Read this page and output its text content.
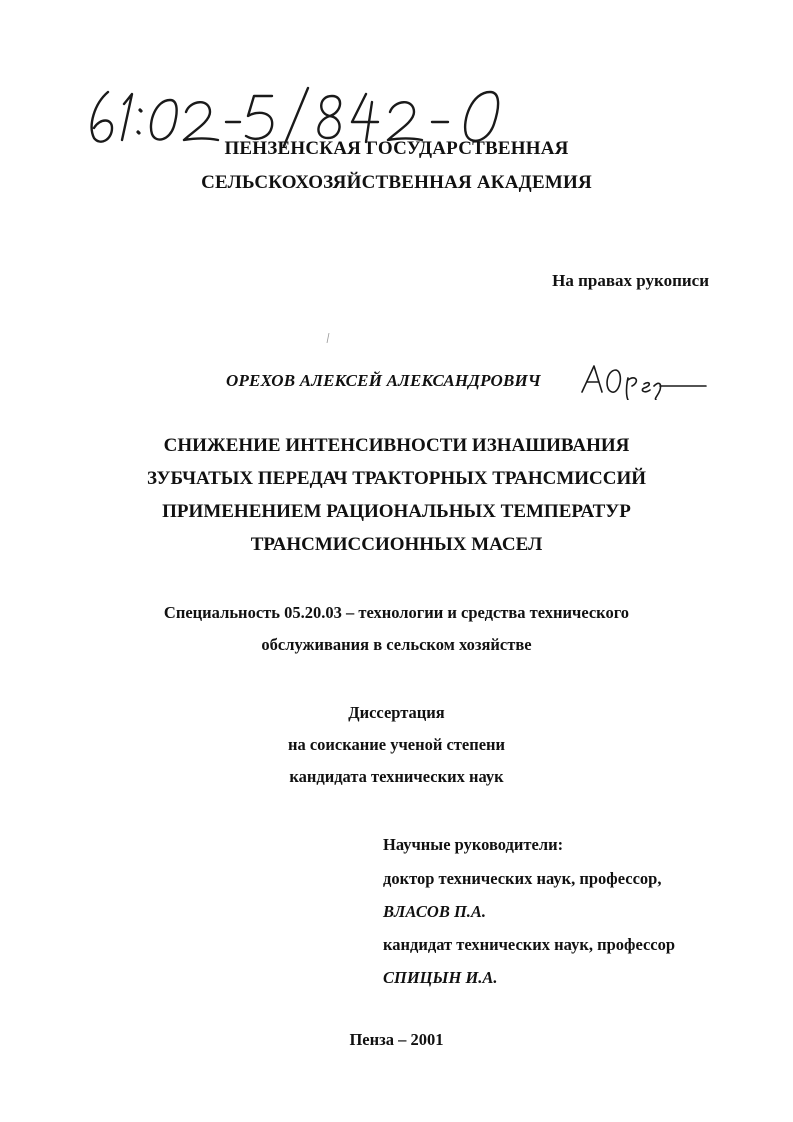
ПЕНЗЕНСКАЯ ГОСУДАРСТВЕННАЯ
СЕЛЬСКОХОЗЯЙСТВЕННАЯ АКАДЕМИЯ
На правах рукописи
ОРЕХОВ АЛЕКСЕЙ АЛЕКСАНДРОВИЧ
СНИЖЕНИЕ ИНТЕНСИВНОСТИ ИЗНАШИВАНИЯ
ЗУБЧАТЫХ ПЕРЕДАЧ ТРАКТОРНЫХ ТРАНСМИССИЙ
ПРИМЕНЕНИЕМ РАЦИОНАЛЬНЫХ ТЕМПЕРАТУР
ТРАНСМИССИОННЫХ МАСЕЛ
Специальность 05.20.03 – технологии и средства технического
обслуживания в сельском хозяйстве
Диссертация
на соискание ученой степени
кандидата технических наук
Научные руководители:
доктор технических наук, профессор,
ВЛАСОВ П.А.
кандидат технических наук, профессор
СПИЦЫН И.А.
Пенза – 2001
